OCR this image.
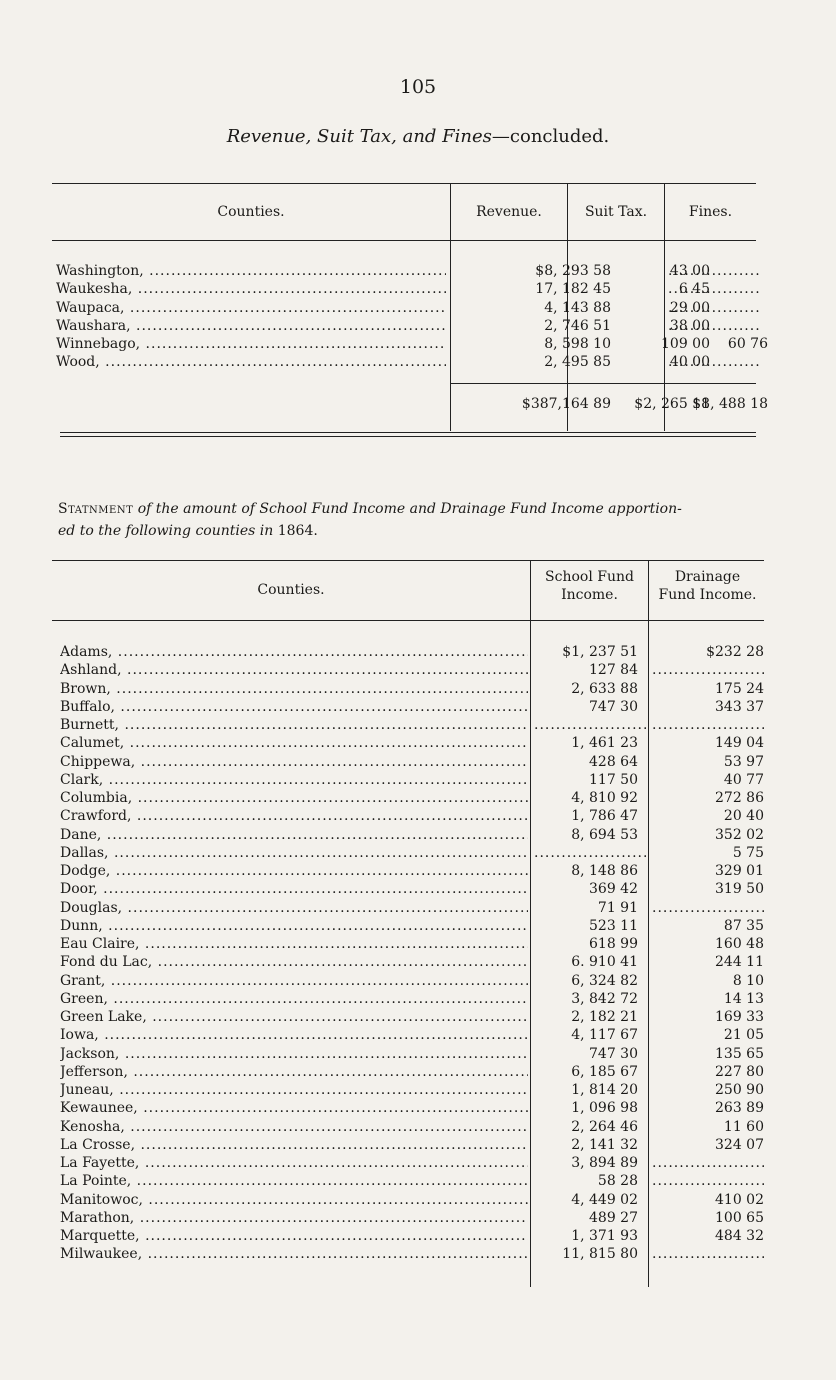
105
Revenue, Suit Tax, and Fines—concluded.
Counties.	Revenue.	Suit Tax.	Fines.
Washington, .....	$8, 293 58	43 00
.....
Waukesha, .....	17, 182 45	6 45
.....
Waupaca, .....	4, 143 88	29 00
.....
Waushara, .....	2, 746 51	38 00
.....
Winnebago, .....	8, 598 10	109 00 60 76
Wood, .....	2, 495 85	40 00
.....
$387,164 89 $2, 265 18
$1, 488 18
Statnment of the amount of School Fund Income and Drainage Fund Income apportion-
ed to the following counties in 1864.
Counties.
School Fund
Income.
Drainage
Fund Income.
Adams, .....	$1, 237 51	$232 28
Ashland, .....	127 84
.....
Brown, .....	2, 633 88	175 24
Buffalo, .....	747 30	343 37
Burnett, .....
.....
.....
Calumet, .....	1, 461 23	149 04
Chippewa, .....	428 64	53 97
Clark, .....	117 50	40 77
Columbia, .....	4, 810 92	272 86
Crawford, .....	1, 786 47	20 40
Dane, .....	8, 694 53	352 02
Dallas, .....
.....	5 75
Dodge, .....	8, 148 86	329 01
Door, .....	369 42	319 50
Douglas, .....	71 91
.....
Dunn, .....	523 11	87 35
Eau Claire, .....	618 99	160 48
Fond du Lac, .....	6. 910 41	244 11
Grant, .....	6, 324 82	8 10
Green, .....	3, 842 72	14 13
Green Lake, .....	2, 182 21	169 33
Iowa, .....	4, 117 67	21 05
Jackson, .....	747 30	135 65
Jefferson, .....	6, 185 67	227 80
Juneau, .....	1, 814 20	250 90
Kewaunee, .....	1, 096 98	263 89
Kenosha, .....	2, 264 46	11 60
La Crosse, .....	2, 141 32	324 07
La Fayette, .....	3, 894 89
.....
La Pointe, .....	58 28
.....
Manitowoc, .....	4, 449 02	410 02
Marathon, .....	489 27	100 65
Marquette, .....	1, 371 93	484 32
Milwaukee, .....	11, 815 80
.....
